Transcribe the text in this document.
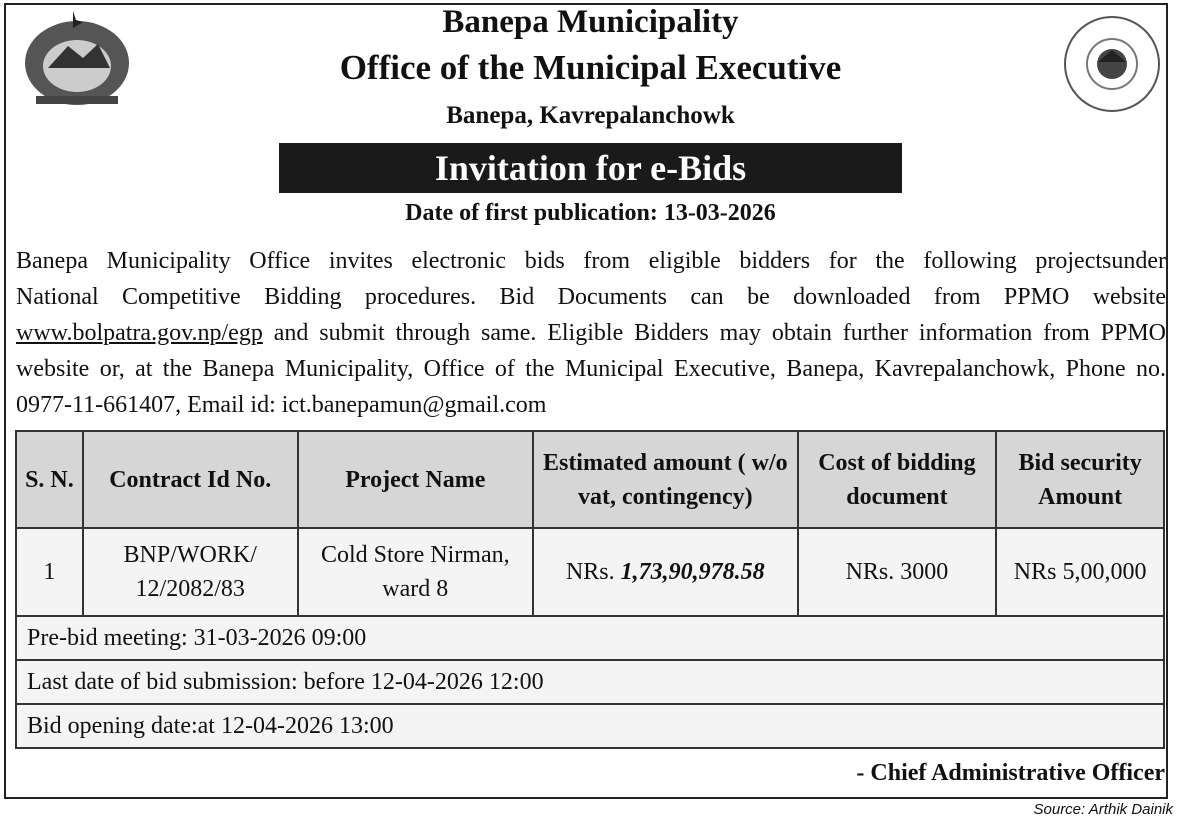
Banepa Municipality
Office of the Municipal Executive
Banepa, Kavrepalanchowk
Invitation for e-Bids
Date of first publication: 13-03-2026
Banepa Municipality Office invites electronic bids from eligible bidders for the following projectsunder
National Competitive Bidding procedures. Bid Documents can be downloaded from PPMO website
www.bolpatra.gov.np/egp and submit through same. Eligible Bidders may obtain further information from PPMO
website or, at the Banepa Municipality, Office of the Municipal Executive, Banepa, Kavrepalanchowk, Phone no.

0977-11-661407, Email id: ict.banepamun@gmail.com
S. N.	Contract Id No.	Project Name	Estimated amount ( w/o vat, contingency)	Cost of bidding document	Bid security Amount
1	BNP/WORK/ 12/2082/83	Cold Store Nirman, ward 8	NRs. 1,73,90,978.58	NRs. 3000	NRs 5,00,000
Pre-bid meeting: 31-03-2026 09:00					
Last date of bid submission: before 12-04-2026 12:00					
Bid opening date:at 12-04-2026 13:00					
- Chief Administrative Officer
Source: Arthik Dainik
